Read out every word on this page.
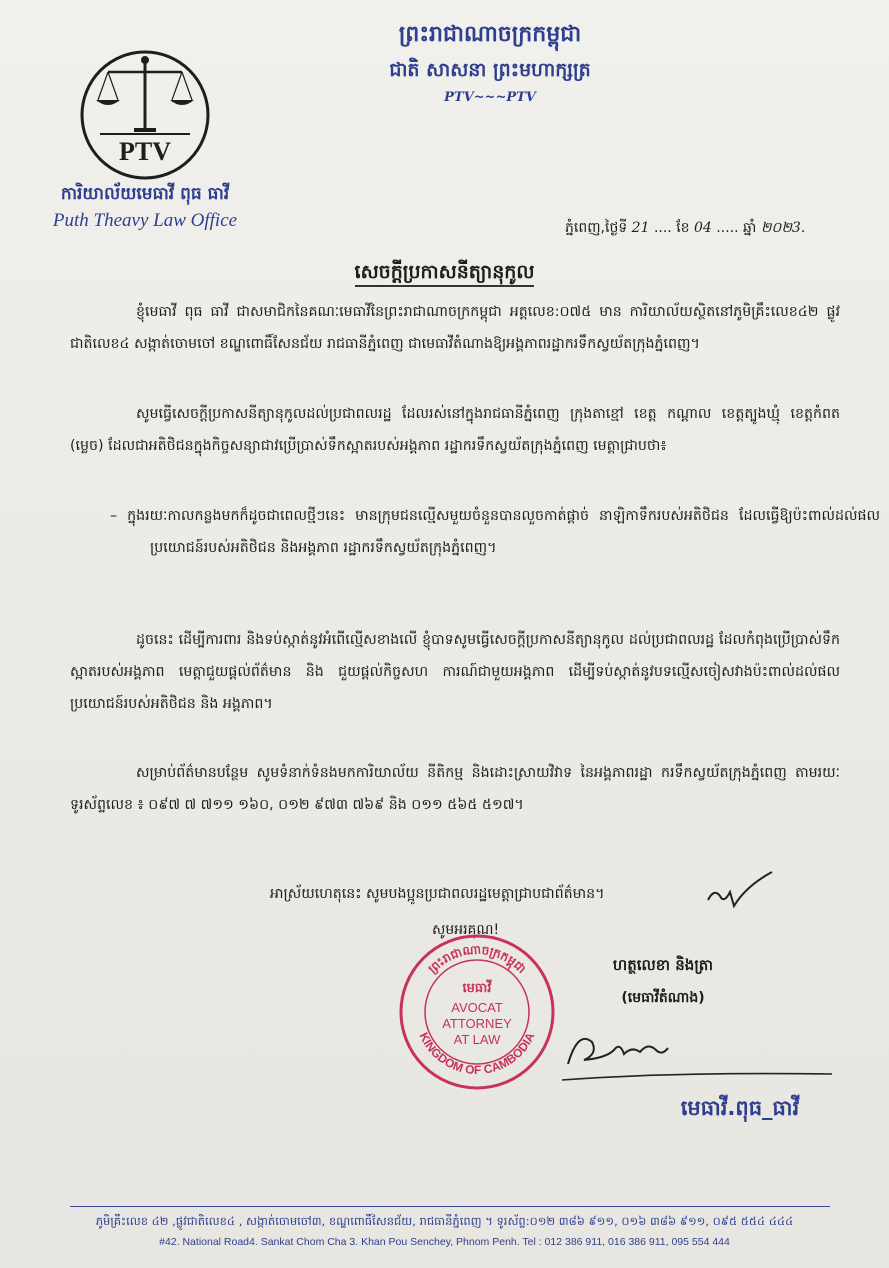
PTV
ព្រះរាជាណាចក្រកម្ពុជា
ជាតិ សាសនា ព្រះមហាក្សត្រ
PTV~~~PTV
ការិយាល័យមេធាវី ពុធ ធាវី
Puth Theavy Law Office	ភ្នំពេញ,ថ្ងៃទី 21 .... ខែ 04 ..... ឆ្នាំ ២០២3.
សេចក្តីប្រកាសនីត្យានុកូល
ខ្ញុំមេធាវី ពុធ ធាវី ជាសមាជិកនៃគណៈមេធាវីនៃព្រះរាជាណាចក្រកម្ពុជា អត្តលេខ:០៧៥ មាន ការិយាល័យស្ថិតនៅភូមិគ្រឹះលេខ៤២ ផ្លូវជាតិលេខ៤ សង្កាត់ចោមចៅ ខណ្ឌពោធិ៍សែនជ័យ រាជធានីភ្នំពេញ ជាមេធាវីតំណាងឱ្យអង្គភាពរដ្ឋាករទឹកស្វយ័តក្រុងភ្នំពេញ។
សូមធ្វើសេចក្តីប្រកាសនីត្យានុកូលដល់ប្រជាពលរដ្ឋ ដែលរស់នៅក្នុងរាជធានីភ្នំពេញ ក្រុងតាខ្មៅ ខេត្ត កណ្តាល ខេត្តត្បូងឃ្មុំ ខេត្តកំពត (ម្លេច) ដែលជាអតិថិជនក្នុងកិច្ចសន្យាជាវប្រើប្រាស់ទឹកស្អាតរបស់អង្គភាព រដ្ឋាករទឹកស្វយ័តក្រុងភ្នំពេញ មេត្តាជ្រាបថា៖
– ក្នុងរយៈកាលកន្លងមកក៏ដូចជាពេលថ្មីៗនេះ មានក្រុមជនល្មើសមួយចំនួនបានលួចកាត់ផ្តាច់ នាឡិកាទឹករបស់អតិថិជន ដែលធ្វើឱ្យប៉ះពាល់ដល់ផលប្រយោជន៍របស់អតិថិជន និងអង្គភាព រដ្ឋាករទឹកស្វយ័តក្រុងភ្នំពេញ។
ដូចនេះ ដើម្បីការពារ និងទប់ស្កាត់នូវអំពើល្មើសខាងលើ ខ្ញុំបាទសូមធ្វើសេចក្តីប្រកាសនីត្យានុកូល ដល់ប្រជាពលរដ្ឋ ដែលកំពុងប្រើប្រាស់ទឹកស្អាតរបស់អង្គភាព មេត្តាជួយផ្តល់ព័ត៌មាន និង ជួយផ្តល់កិច្ចសហ ការណ៍ជាមួយអង្គភាព ដើម្បីទប់ស្កាត់នូវបទល្មើសចៀសវាងប៉ះពាល់ដល់ផលប្រយោជន៍របស់អតិថិជន និង អង្គភាព។
សម្រាប់ព័ត៌មានបន្ថែម សូមទំនាក់ទំនងមកការិយាល័យ នីតិកម្ម និងដោះស្រាយវិវាទ នៃអង្គភាពរដ្ឋា ករទឹកស្វយ័តក្រុងភ្នំពេញ តាមរយៈទូរស័ព្ទលេខ ៖ ០៩៧ ៧ ៧១១ ១៦០, ០១២ ៩៧៣ ៧៦៩ និង ០១១ ៥៦៥ ៥១៧។
អាស្រ័យហេតុនេះ សូមបងប្អូនប្រជាពលរដ្ឋមេត្តាជ្រាបជាព័ត៌មាន។
សូមអរគុណ!
ព្រះរាជាណាចក្រកម្ពុជា
KINGDOM OF CAMBODIA
មេធាវី
AVOCAT
ATTORNEY
AT LAW
ហត្ថលេខា និងត្រា
(មេធាវីតំណាង)
មេធាវី.ពុធ_ធាវី
ភូមិគ្រឹះលេខ ៤២ ,ផ្លូវជាតិលេខ៤ , សង្កាត់ចោមចៅ៣, ខណ្ឌពោធិ៍សែនជ័យ, រាជធានីភ្នំពេញ ។ ទូរស័ព្ទ:០១២ ៣៨៦ ៩១១, ០១៦ ៣៨៦ ៩១១, ០៩៥ ៥៥៤ ៤៤៤
#42. National Road4. Sankat Chom Cha 3. Khan Pou Senchey, Phnom Penh. Tel : 012 386 911, 016 386 911, 095 554 444
